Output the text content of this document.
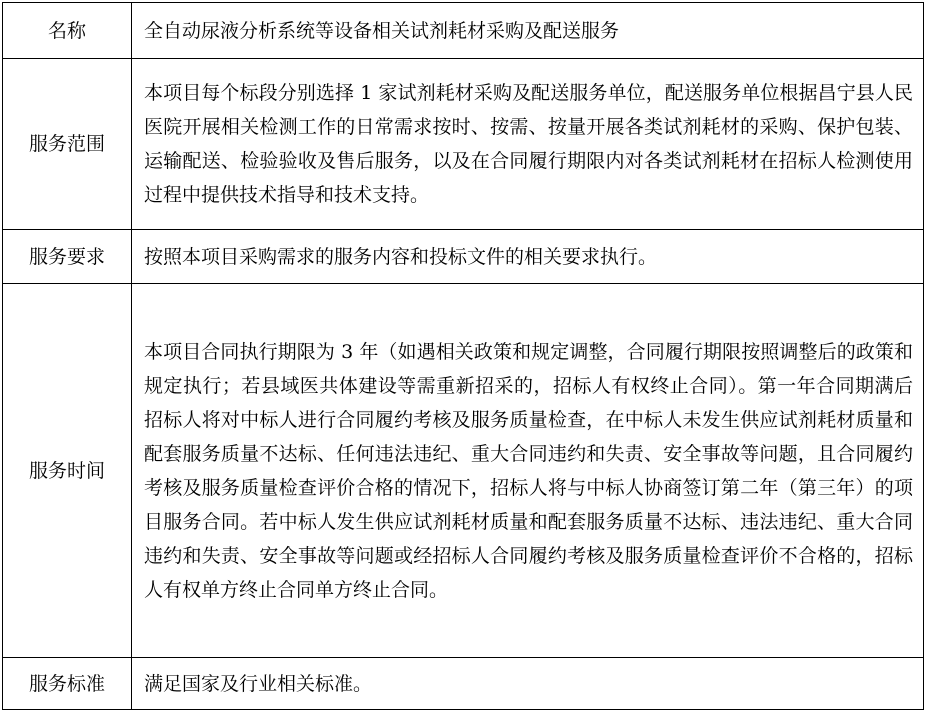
名称	全自动尿液分析系统等设备相关试剂耗材采购及配送服务
服务范围	本项目每个标段分别选择 1 家试剂耗材采购及配送服务单位，配送服务单位根据昌宁县人民医院开展相关检测工作的日常需求按时、按需、按量开展各类试剂耗材的采购、保护包装、运输配送、检验验收及售后服务，以及在合同履行期限内对各类试剂耗材在招标人检测使用过程中提供技术指导和技术支持。
服务要求	按照本项目采购需求的服务内容和投标文件的相关要求执行。
服务时间	本项目合同执行期限为 3 年（如遇相关政策和规定调整，合同履行期限按照调整后的政策和规定执行；若县域医共体建设等需重新招采的，招标人有权终止合同）。第一年合同期满后招标人将对中标人进行合同履约考核及服务质量检查，在中标人未发生供应试剂耗材质量和配套服务质量不达标、任何违法违纪、重大合同违约和失责、安全事故等问题，且合同履约考核及服务质量检查评价合格的情况下，招标人将与中标人协商签订第二年（第三年）的项目服务合同。若中标人发生供应试剂耗材质量和配套服务质量不达标、违法违纪、重大合同违约和失责、安全事故等问题或经招标人合同履约考核及服务质量检查评价不合格的，招标人有权单方终止合同单方终止合同。
服务标准	满足国家及行业相关标准。
